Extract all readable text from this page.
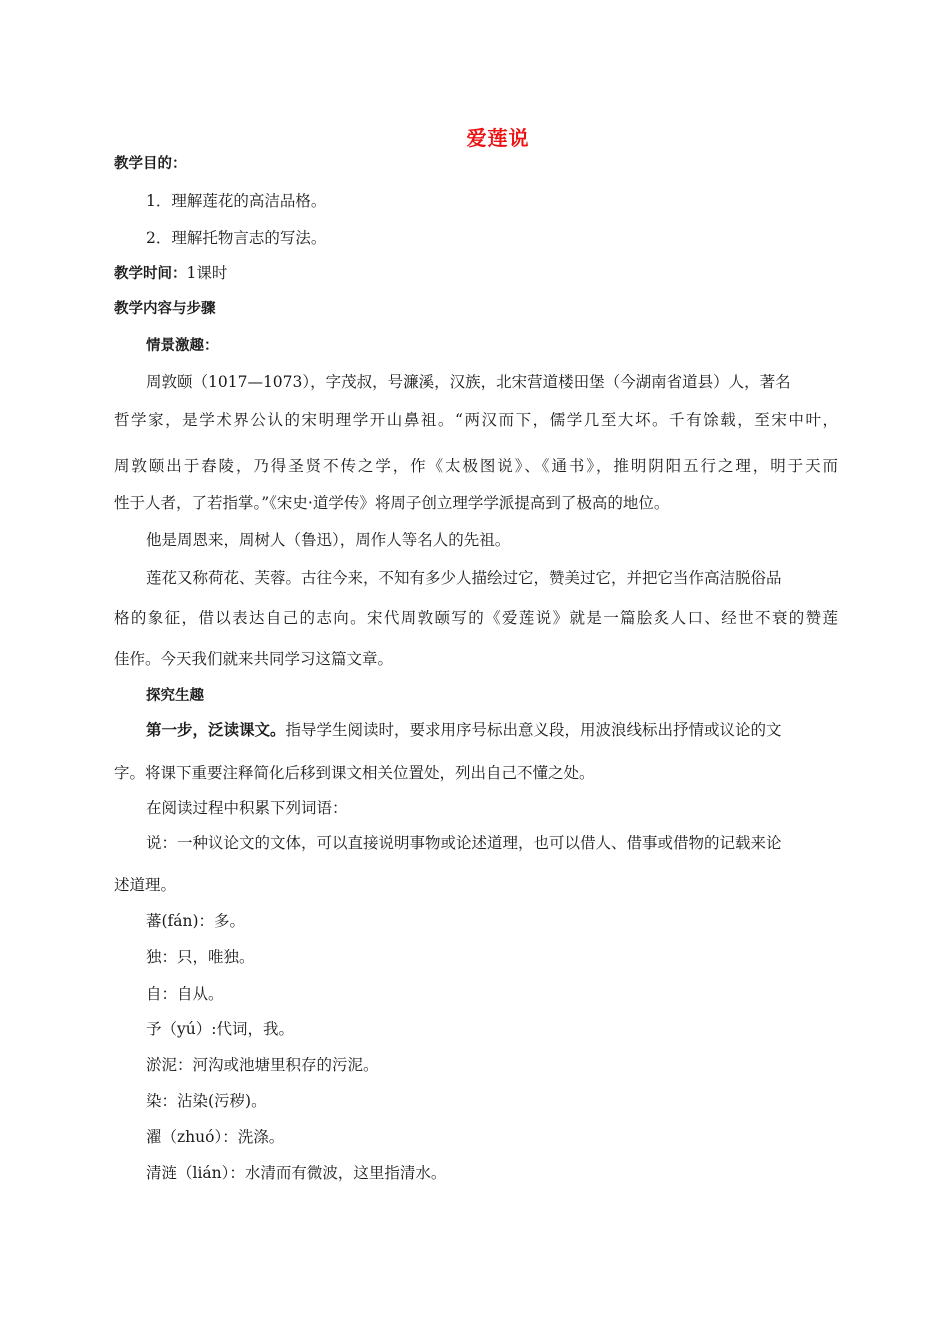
爱莲说
教学目的：
1．理解莲花的高洁品格。
2．理解托物言志的写法。
教学时间：1课时
教学内容与步骤
情景激趣：
周敦颐（1017—1073），字茂叔，号濂溪，汉族，北宋营道楼田堡（今湖南省道县）人，著名
哲学家，是学术界公认的宋明理学开山鼻祖。“两汉而下，儒学几至大坏。千有馀载，至宋中叶，
周敦颐出于舂陵，乃得圣贤不传之学，作《太极图说》、《通书》，推明阴阳五行之理，明于天而
性于人者，了若指掌。”《宋史·道学传》将周子创立理学学派提高到了极高的地位。
他是周恩来，周树人（鲁迅），周作人等名人的先祖。
莲花又称荷花、芙蓉。古往今来，不知有多少人描绘过它，赞美过它，并把它当作高洁脱俗品
格的象征，借以表达自己的志向。宋代周敦颐写的《爱莲说》就是一篇脍炙人口、经世不衰的赞莲
佳作。今天我们就来共同学习这篇文章。
探究生趣
第一步，泛读课文。指导学生阅读时，要求用序号标出意义段，用波浪线标出抒情或议论的文
字。将课下重要注释简化后移到课文相关位置处，列出自己不懂之处。
在阅读过程中积累下列词语：
说：一种议论文的文体，可以直接说明事物或论述道理，也可以借人、借事或借物的记载来论
述道理。
蕃(fán)：多。
独：只，唯独。
自：自从。
予（yú）:代词，我。
淤泥：河沟或池塘里积存的污泥。
染：沾染(污秽)。
濯（zhuó）：洗涤。
清涟（lián）：水清而有微波，这里指清水。
